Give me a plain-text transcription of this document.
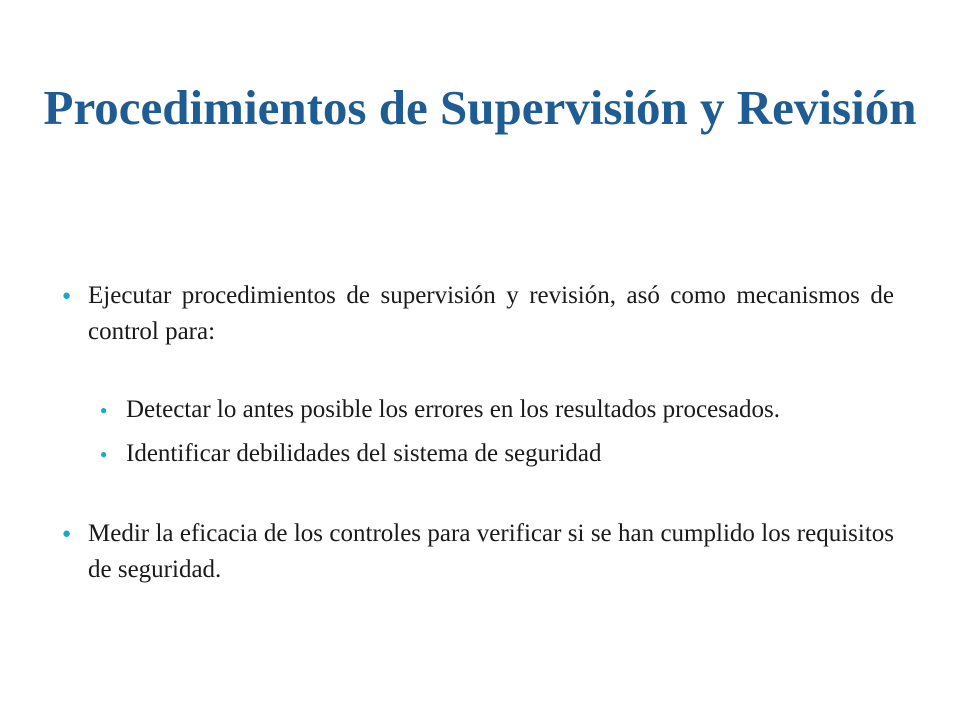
Procedimientos de Supervisión y Revisión
● Ejecutar procedimientos de supervisión y revisión, asó como mecanismos de control para:
● Detectar lo antes posible los errores en los resultados procesados.
● Identificar debilidades del sistema de seguridad
● Medir la eficacia de los controles para verificar si se han cumplido los requisitos de seguridad.
